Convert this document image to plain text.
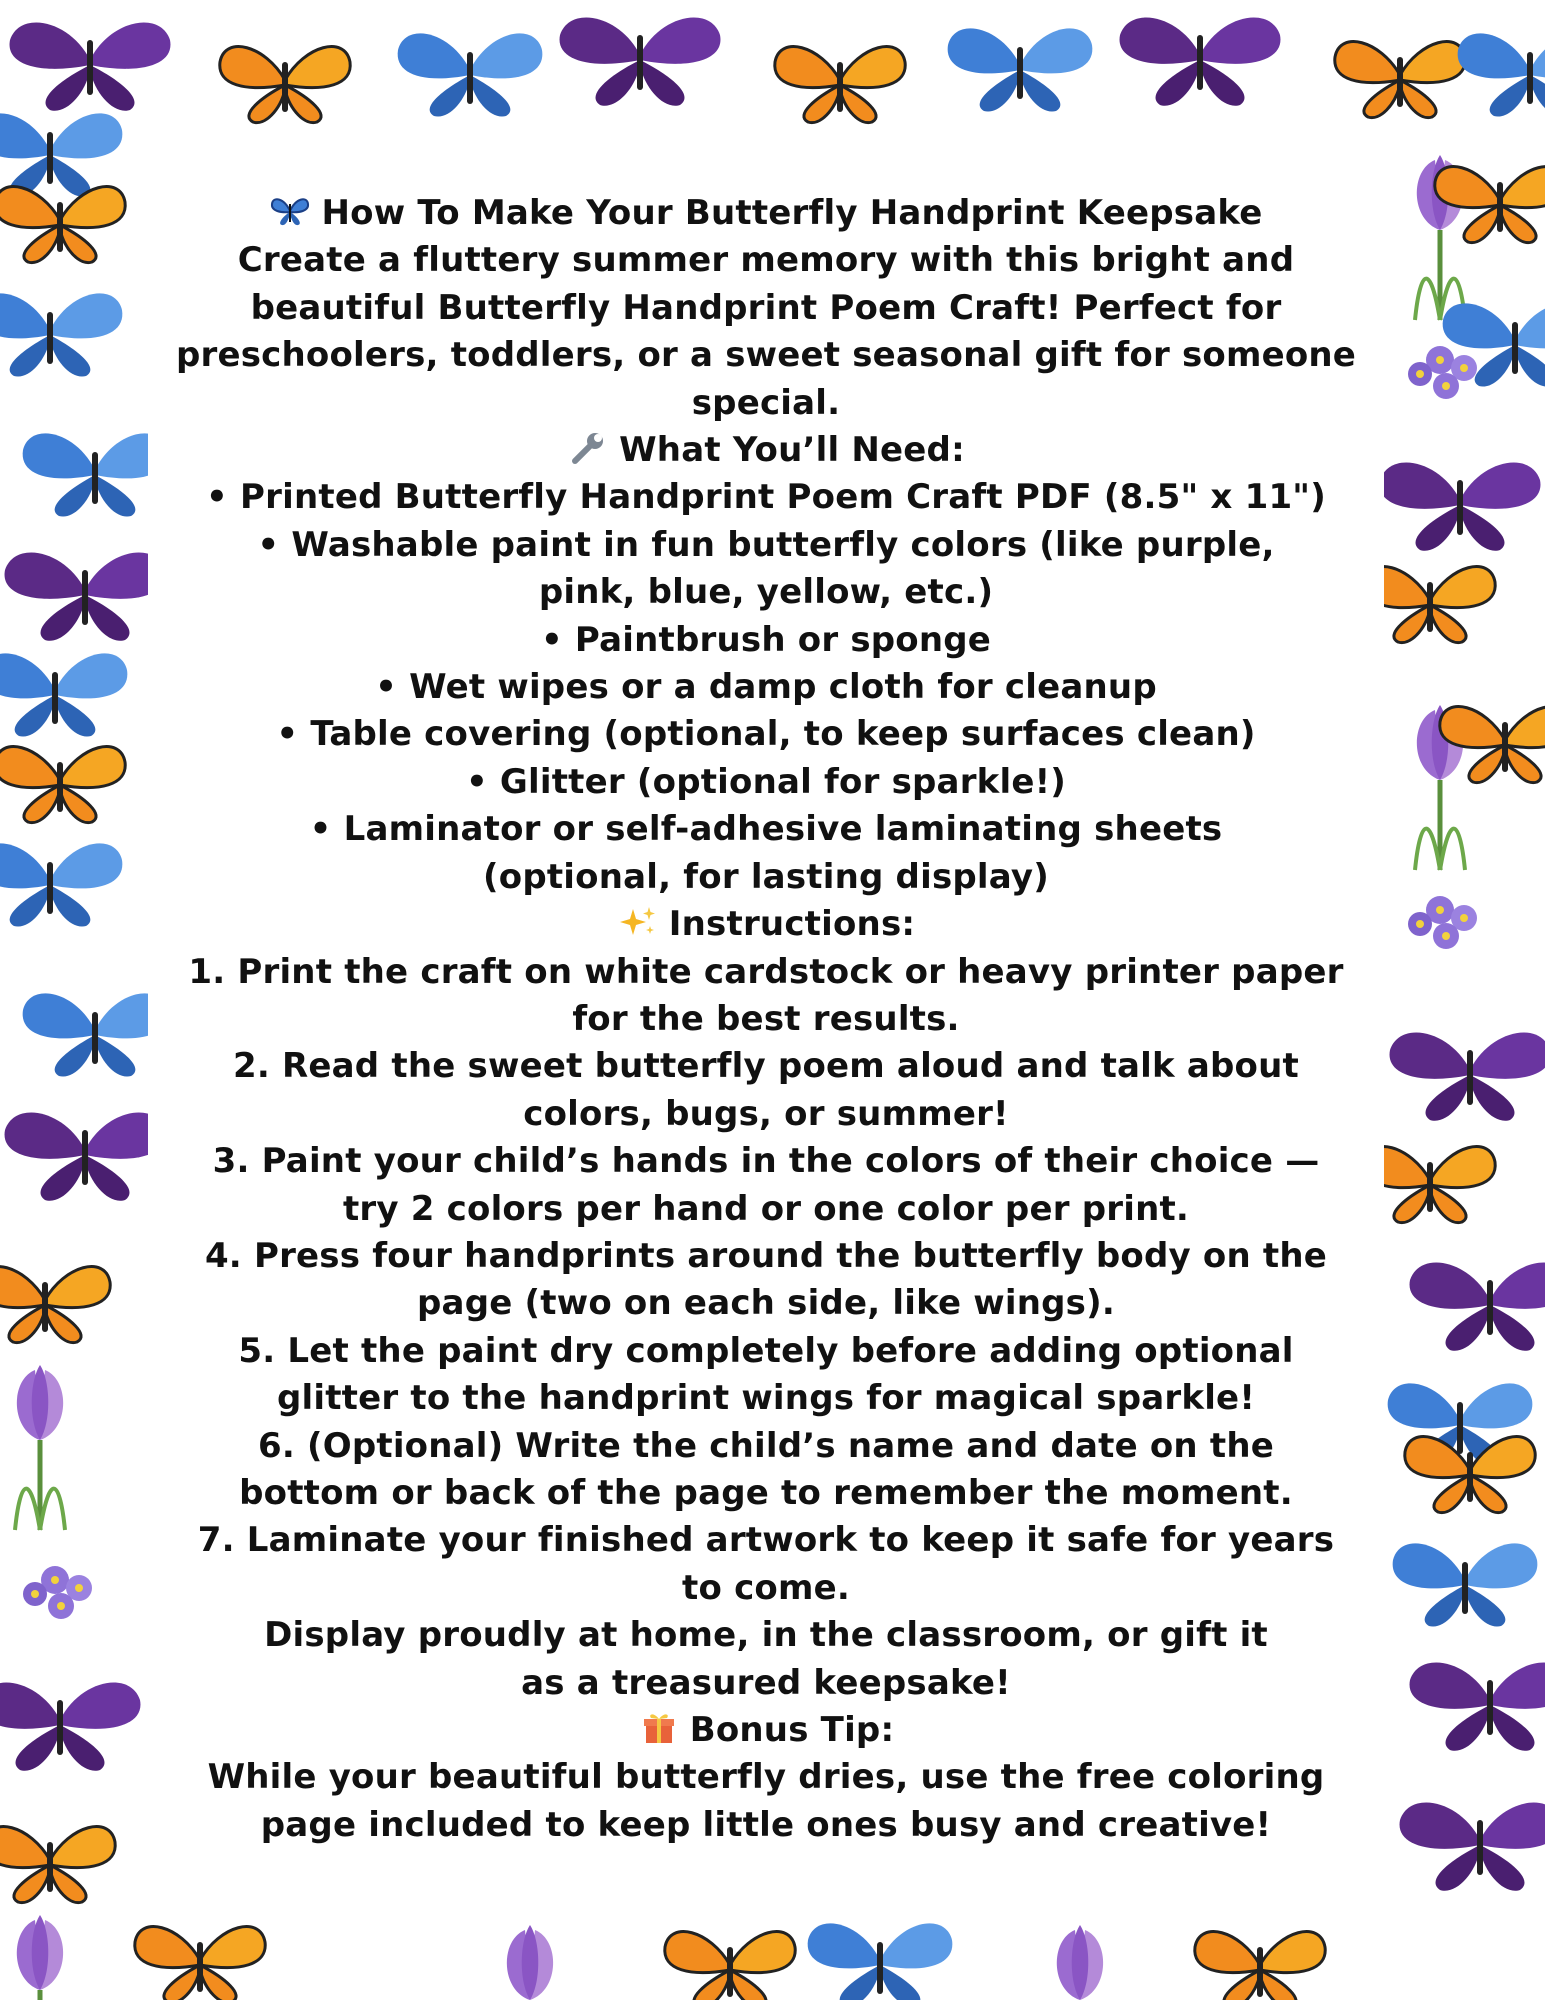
How To Make Your Butterfly Handprint Keepsake

Create a fluttery summer memory with this bright and beautiful Butterfly Handprint Poem Craft! Perfect for preschoolers, toddlers, or a sweet seasonal gift for someone special.

What You’ll Need:

• Printed Butterfly Handprint Poem Craft PDF (8.5" x 11")

• Washable paint in fun butterfly colors (like purple, pink, blue, yellow, etc.)

• Paintbrush or sponge

• Wet wipes or a damp cloth for cleanup

• Table covering (optional, to keep surfaces clean)

• Glitter (optional for sparkle!)

• Laminator or self-adhesive laminating sheets (optional, for lasting display)

Instructions:

1. Print the craft on white cardstock or heavy printer paper for the best results.
2. Read the sweet butterfly poem aloud and talk about colors, bugs, or summer!
3. Paint your child’s hands in the colors of their choice — try 2 colors per hand or one color per print.
4. Press four handprints around the butterfly body on the page (two on each side, like wings).
5. Let the paint dry completely before adding optional glitter to the handprint wings for magical sparkle!
6. (Optional) Write the child’s name and date on the bottom or back of the page to remember the moment.
7. Laminate your finished artwork to keep it safe for years to come.

Display proudly at home, in the classroom, or gift it as a treasured keepsake!

Bonus Tip:

While your beautiful butterfly dries, use the free coloring page included to keep little ones busy and creative!
